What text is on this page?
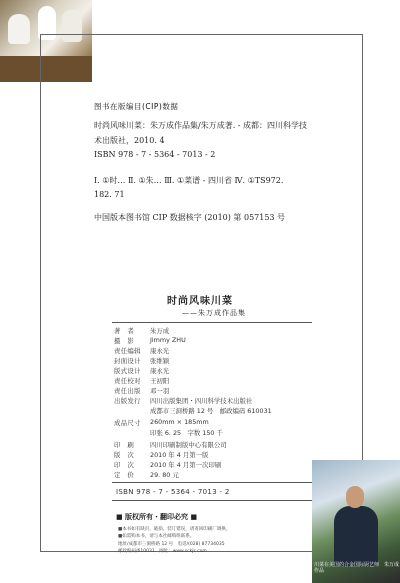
图书在版编目(CIP)数据
时尚风味川菜：朱万成作品集/朱万成著. - 成都：四川科学技
术出版社，2010. 4
ISBN 978 - 7 - 5364 - 7013 - 2
Ⅰ. ①时… Ⅱ. ①朱… Ⅲ. ①菜谱 - 四川省 Ⅳ. ①TS972.
182. 71
中国版本图书馆 CIP 数据核字 (2010) 第 057153 号
时尚风味川菜
——朱万成作品集
著　者 朱万成
摄　影 Jimmy ZHU
责任编辑 康永光
封面设计 张维颖
版式设计 康永光
责任校对 王初阳
责任出版 邓一羽
出版发行 四川出版集团・四川科学技术出版社
成都市三洞桥路 12 号　邮政编码 610031
成品尺寸 260mm × 185mm
印张 6. 25　字数 150 千
印　刷 四川印刷制版中心有限公司
版　次 2010 年 4 月第一版
印　次 2010 年 4 月第一次印刷
定　价 29. 80 元
ISBN 978 - 7 - 5364 - 7013 - 2
■ 版权所有・翻印必究 ■
■本书如有缺页、破损、装订错误，请寄回印刷厂调换。
■如需购本书，请与本社邮购组联系。
地址/成都市三洞桥路 12 号　电话/(028) 87734035
邮政编码/610031　网址：www.sckjs.com
川菜在美国的合金国际厨艺师　朱万成作品
